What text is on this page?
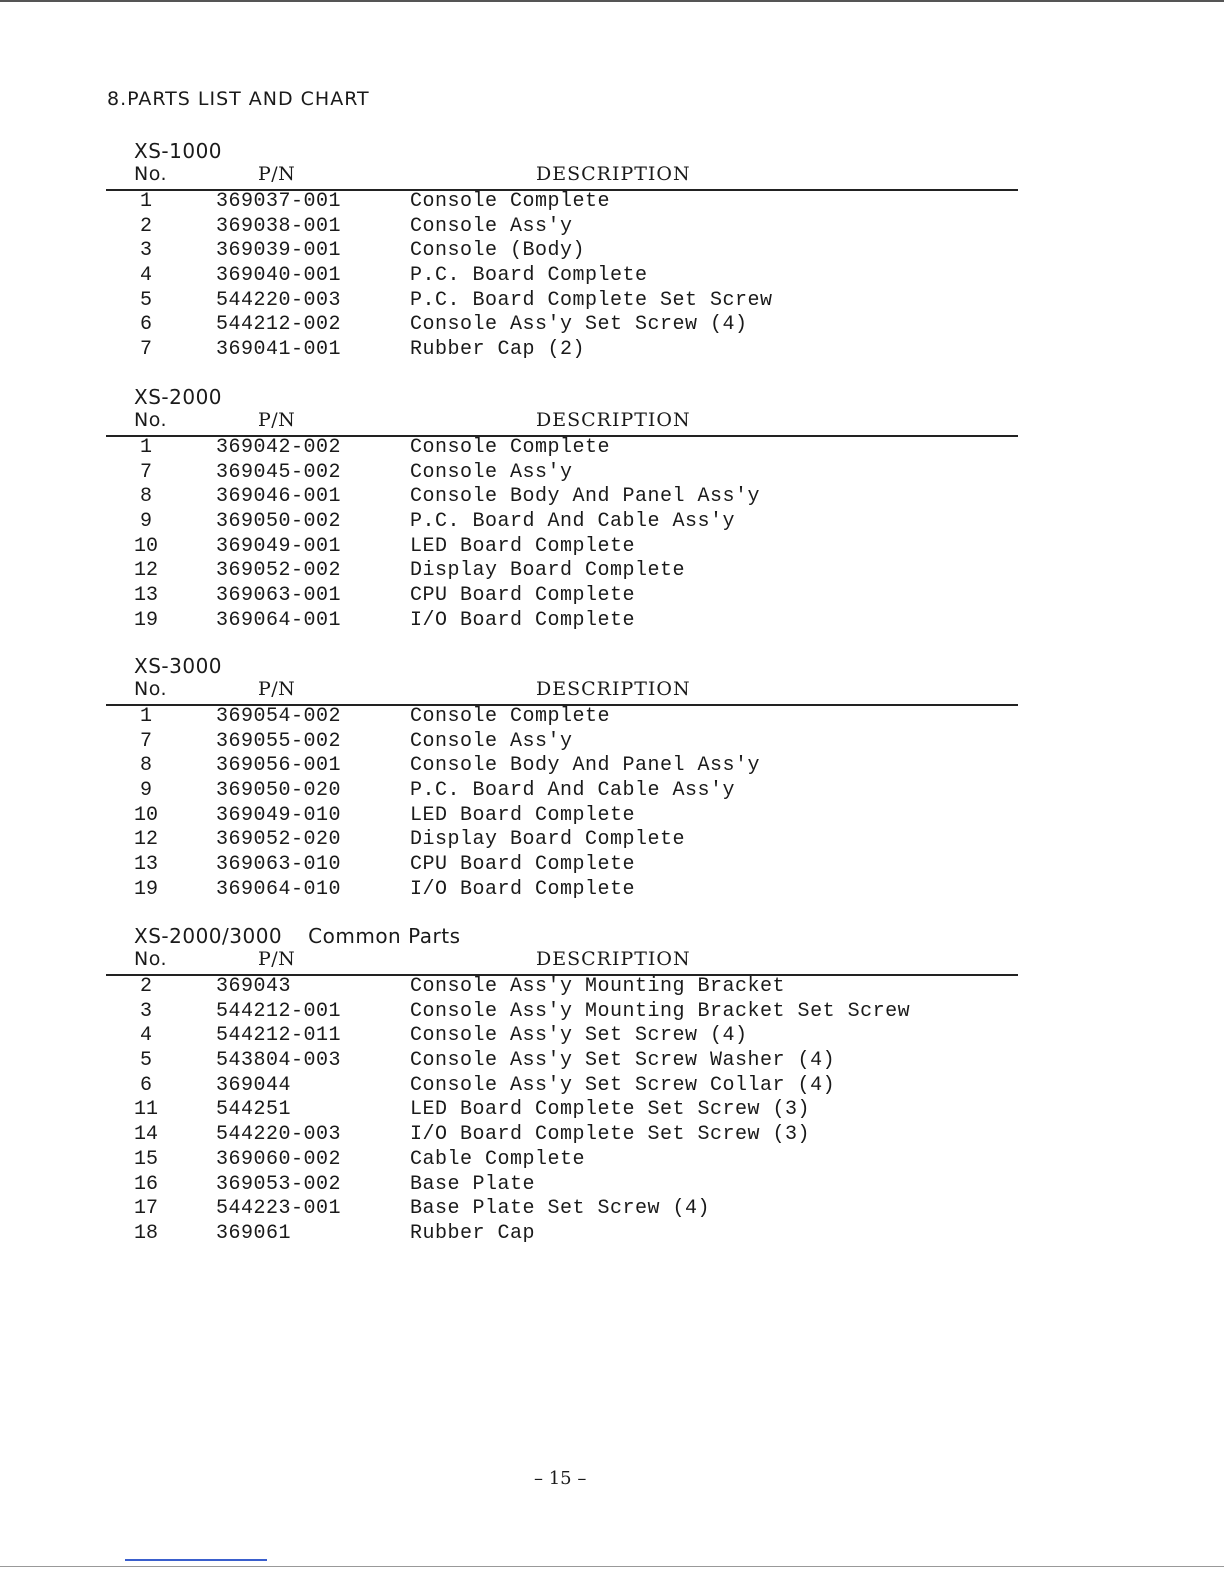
8.PARTS LIST AND CHART
XS-1000
No.	P/N	DESCRIPTION
1	369037-001	Console Complete
2	369038-001	Console Ass'y
3	369039-001	Console (Body)
4	369040-001	P.C. Board Complete
5	544220-003	P.C. Board Complete Set Screw
6	544212-002	Console Ass'y Set Screw (4)
7	369041-001	Rubber Cap (2)
XS-2000
No.	P/N	DESCRIPTION
1	369042-002	Console Complete
7	369045-002	Console Ass'y
8	369046-001	Console Body And Panel Ass'y
9	369050-002	P.C. Board And Cable Ass'y
10	369049-001	LED Board Complete
12	369052-002	Display Board Complete
13	369063-001	CPU Board Complete
19	369064-001	I/O Board Complete
XS-3000
No.	P/N	DESCRIPTION
1	369054-002	Console Complete
7	369055-002	Console Ass'y
8	369056-001	Console Body And Panel Ass'y
9	369050-020	P.C. Board And Cable Ass'y
10	369049-010	LED Board Complete
12	369052-020	Display Board Complete
13	369063-010	CPU Board Complete
19	369064-010	I/O Board Complete
XS-2000/3000 Common Parts
No.	P/N	DESCRIPTION
2	369043	Console Ass'y Mounting Bracket
3	544212-001	Console Ass'y Mounting Bracket Set Screw
4	544212-011	Console Ass'y Set Screw (4)
5	543804-003	Console Ass'y Set Screw Washer (4)
6	369044	Console Ass'y Set Screw Collar (4)
11	544251	LED Board Complete Set Screw (3)
14	544220-003	I/O Board Complete Set Screw (3)
15	369060-002	Cable Complete
16	369053-002	Base Plate
17	544223-001	Base Plate Set Screw (4)
18	369061	Rubber Cap
– 15 –
